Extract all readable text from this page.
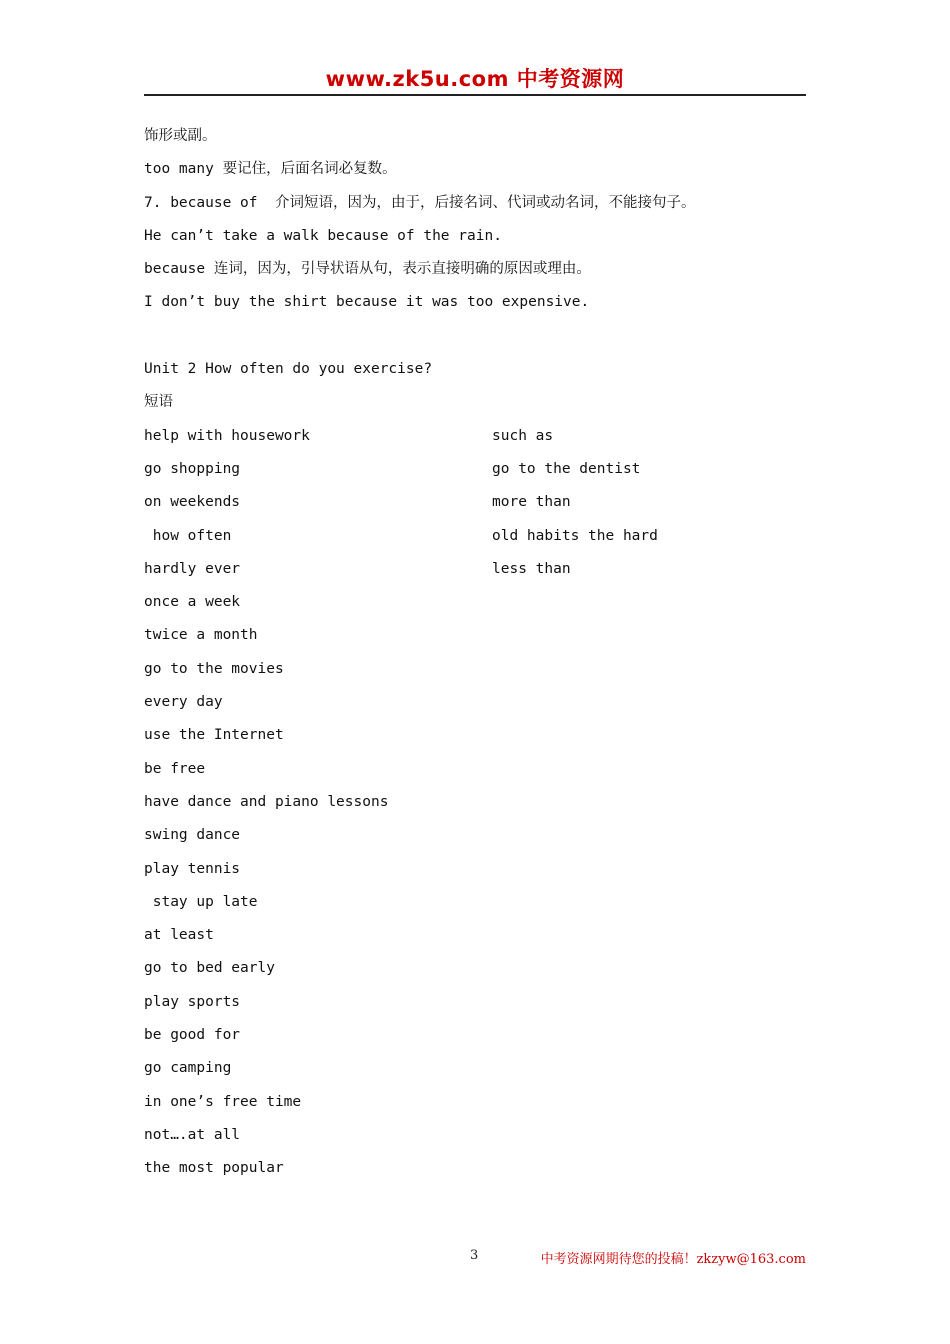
www.zk5u.com 中考资源网
饰形或副。
too many 要记住，后面名词必复数。
7. because of  介词短语，因为，由于，后接名词、代词或动名词，不能接句子。
He can’t take a walk because of the rain.
because 连词，因为，引导状语从句，表示直接明确的原因或理由。
I don’t buy the shirt because it was too expensive.
Unit 2 How often do you exercise?
短语
help with housework
go shopping
on weekends
how often
hardly ever
once a week
twice a month
go to the movies
every day
use the Internet
be free
have dance and piano lessons
swing dance
play tennis
stay up late
at least
go to bed early
play sports
be good for
go camping
in one’s free time
not….at all
the most popular
such as
go to the dentist
more than
old habits the hard
less than
3	中考资源网期待您的投稿！zkzyw@163.com
